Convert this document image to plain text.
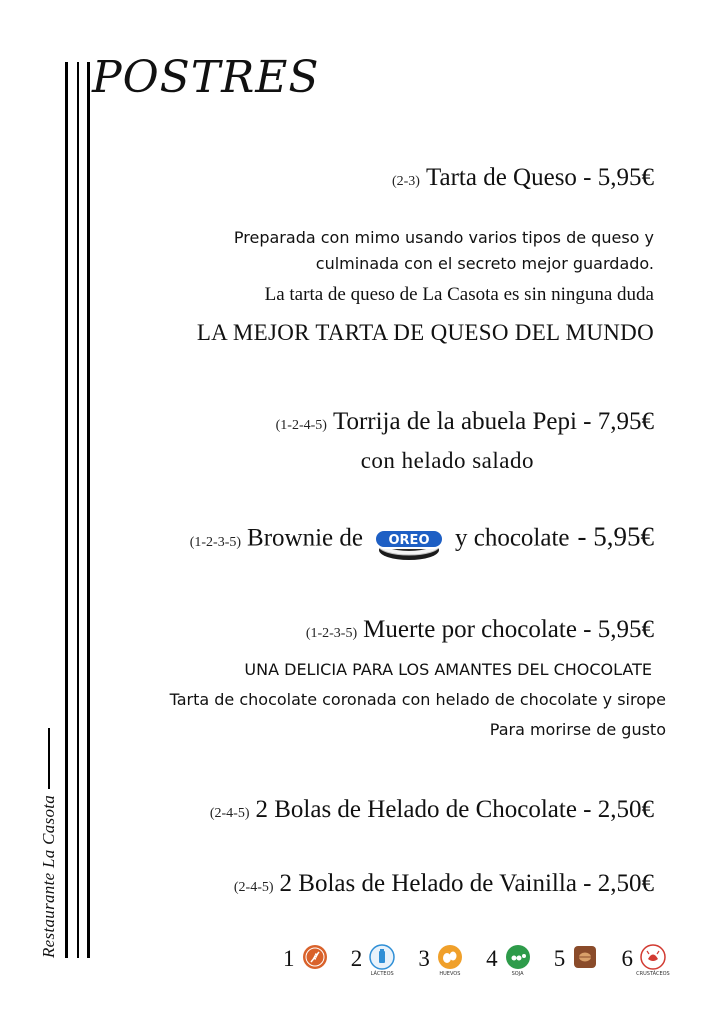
Restaurante La Casota
POSTRES
(2-3) Tarta de Queso - 5,95€
Preparada con mimo usando varios tipos de queso y
culminada con el secreto mejor guardado.
La tarta de queso de La Casota es sin ninguna duda
LA MEJOR TARTA DE QUESO DEL MUNDO
(1-2-4-5) Torrija de la abuela Pepi - 7,95€
con helado salado
(1-2-3-5) Brownie de OREO y chocolate - 5,95€
(1-2-3-5) Muerte por chocolate - 5,95€
UNA DELICIA PARA LOS AMANTES DEL CHOCOLATE
Tarta de chocolate coronada con helado de chocolate y sirope
Para morirse de gusto
(2-4-5) 2 Bolas de Helado de Chocolate - 2,50€
(2-4-5) 2 Bolas de Helado de Vainilla - 2,50€
1 2
LÁCTEOS
3
HUEVOS
4
SOJA
5 6
CRUSTÁCEOS
